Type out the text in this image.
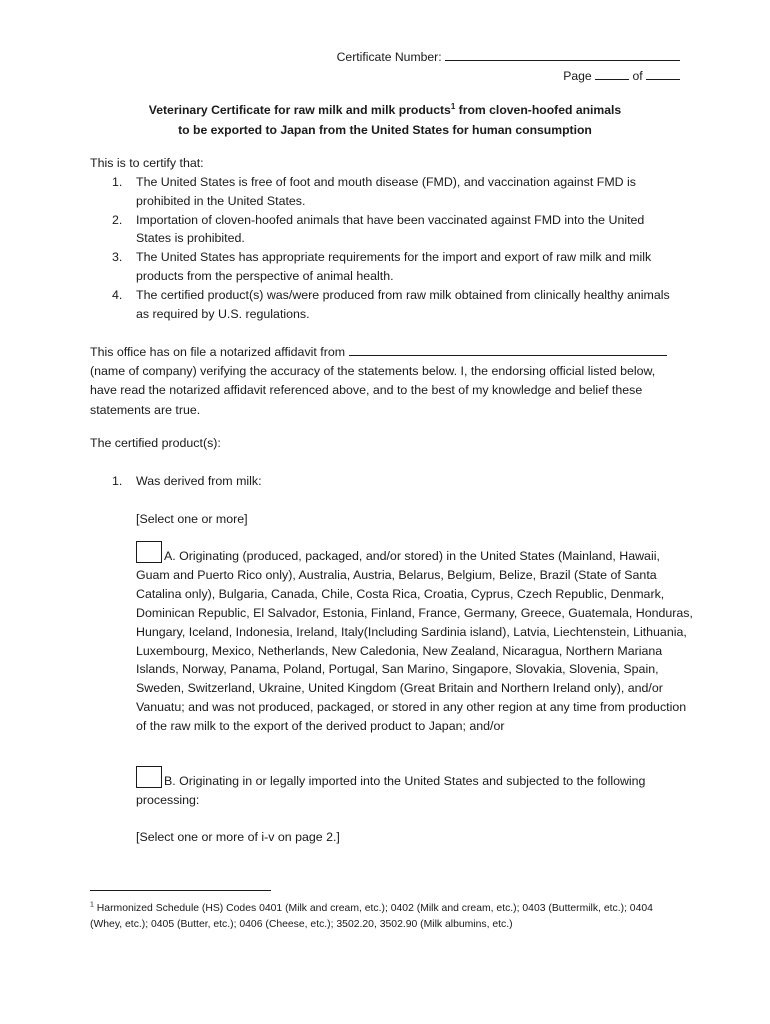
Certificate Number:
Page	of
Veterinary Certificate for raw milk and milk products$^1$ from cloven-hoofed animals
to be exported to Japan from the United States for human consumption
This is to certify that:
1. The United States is free of foot and mouth disease (FMD), and vaccination against FMD is prohibited in the United States.
2. Importation of cloven-hoofed animals that have been vaccinated against FMD into the United States is prohibited.
3. The United States has appropriate requirements for the import and export of raw milk and milk products from the perspective of animal health.
4. The certified product(s) was/were produced from raw milk obtained from clinically healthy animals as required by U.S. regulations.
This office has on file a notarized affidavit from  (name of company) verifying the accuracy of the statements below. I, the endorsing official listed below, have read the notarized affidavit referenced above, and to the best of my knowledge and belief these statements are true.
The certified product(s):
1. Was derived from milk:
[Select one or more]
A. Originating (produced, packaged, and/or stored) in the United States (Mainland, Hawaii, Guam and Puerto Rico only), Australia, Austria, Belarus, Belgium, Belize, Brazil (State of Santa Catalina only), Bulgaria, Canada, Chile, Costa Rica, Croatia, Cyprus, Czech Republic, Denmark, Dominican Republic, El Salvador, Estonia, Finland, France, Germany, Greece, Guatemala, Honduras, Hungary, Iceland, Indonesia, Ireland, Italy(Including Sardinia island), Latvia, Liechtenstein, Lithuania, Luxembourg, Mexico, Netherlands, New Caledonia, New Zealand, Nicaragua, Northern Mariana Islands, Norway, Panama, Poland, Portugal, San Marino, Singapore, Slovakia, Slovenia, Spain, Sweden, Switzerland, Ukraine, United Kingdom (Great Britain and Northern Ireland only), and/or Vanuatu; and was not produced, packaged, or stored in any other region at any time from production of the raw milk to the export of the derived product to Japan; and/or
B. Originating in or legally imported into the United States and subjected to the following processing:
[Select one or more of i-v on page 2.]
$^1$ Harmonized Schedule (HS) Codes 0401 (Milk and cream, etc.); 0402 (Milk and cream, etc.); 0403 (Buttermilk, etc.); 0404 (Whey, etc.); 0405 (Butter, etc.); 0406 (Cheese, etc.); 3502.20, 3502.90 (Milk albumins, etc.)
